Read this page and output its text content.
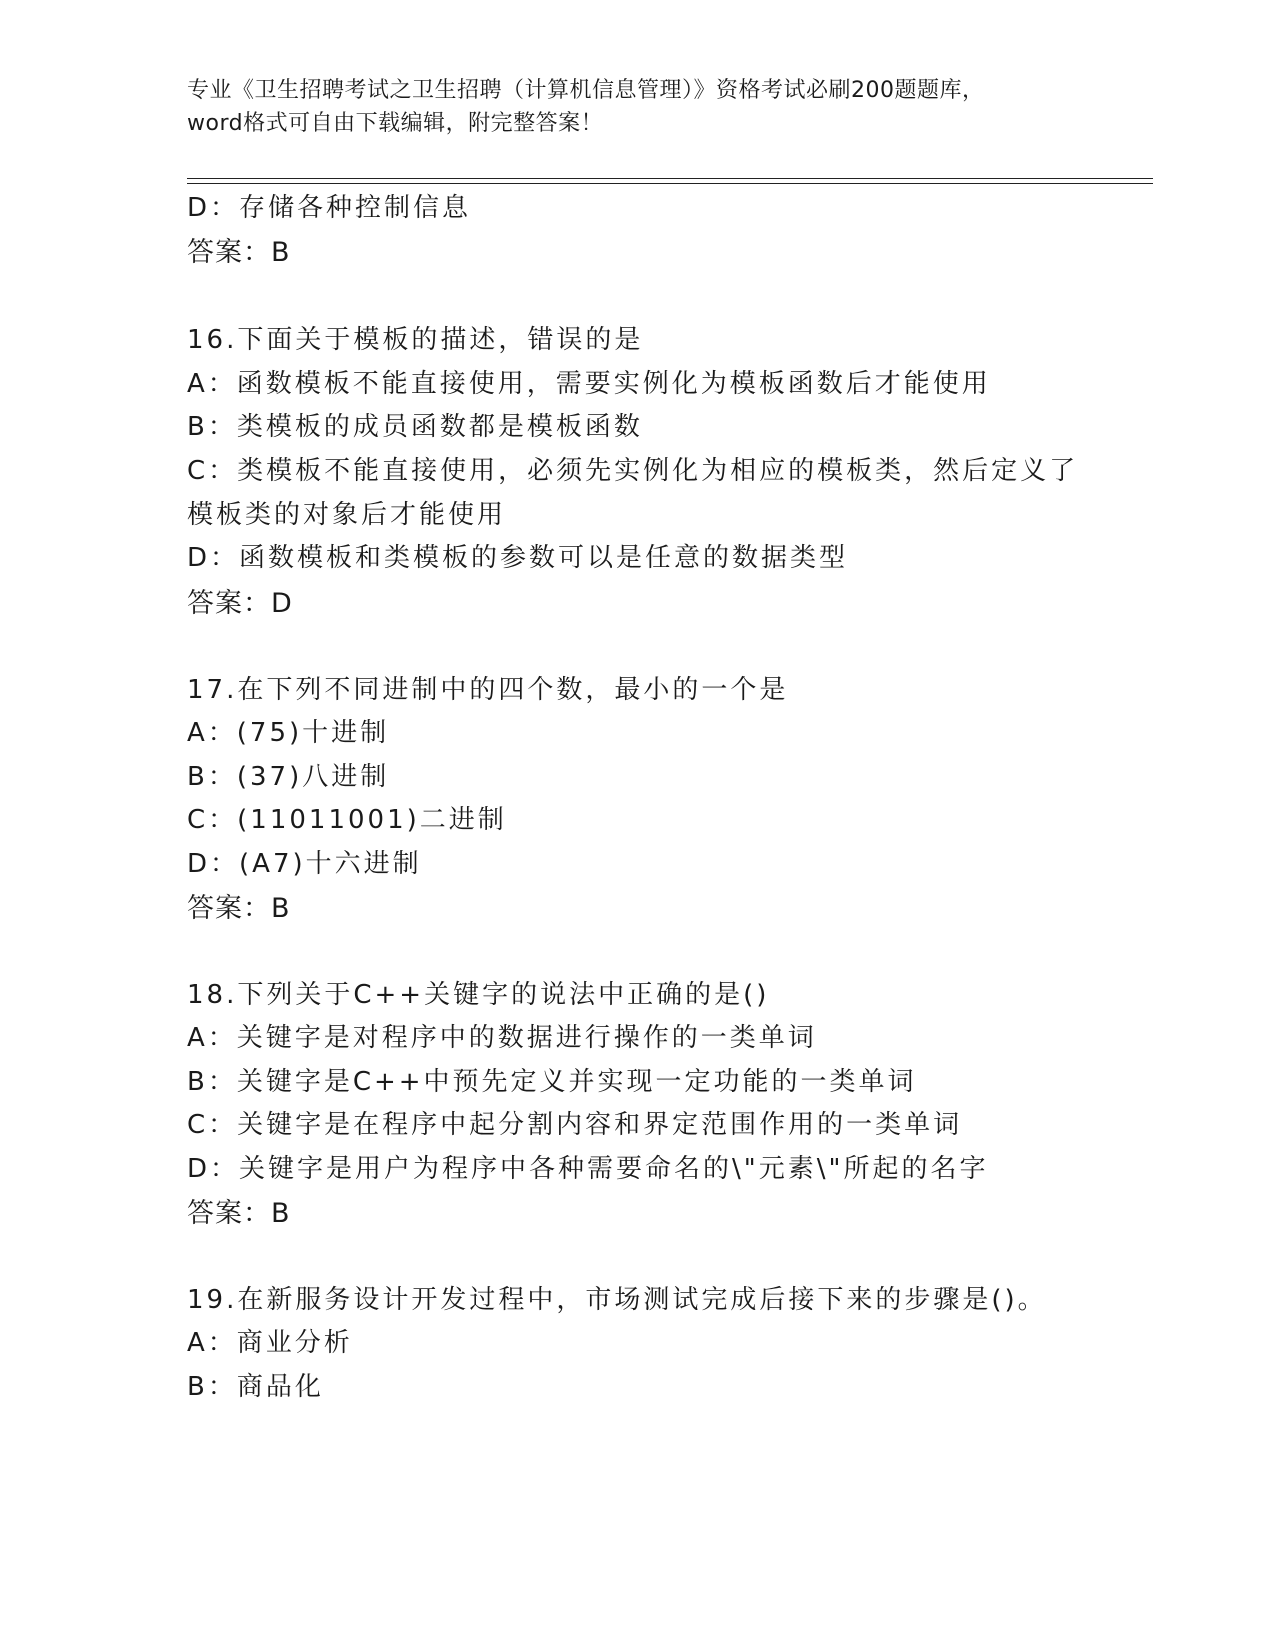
专业《卫生招聘考试之卫生招聘（计算机信息管理）》资格考试必刷200题题库，
word格式可自由下载编辑，附完整答案！
D：存储各种控制信息
答案：B
16.下面关于模板的描述，错误的是
A：函数模板不能直接使用，需要实例化为模板函数后才能使用
B：类模板的成员函数都是模板函数
C：类模板不能直接使用，必须先实例化为相应的模板类，然后定义了
模板类的对象后才能使用
D：函数模板和类模板的参数可以是任意的数据类型
答案：D
17.在下列不同进制中的四个数，最小的一个是
A：(75)十进制
B：(37)八进制
C：(11011001)二进制
D：(A7)十六进制
答案：B
18.下列关于C++关键字的说法中正确的是()
A：关键字是对程序中的数据进行操作的一类单词
B：关键字是C++中预先定义并实现一定功能的一类单词
C：关键字是在程序中起分割内容和界定范围作用的一类单词
D：关键字是用户为程序中各种需要命名的\"元素\"所起的名字
答案：B
19.在新服务设计开发过程中，市场测试完成后接下来的步骤是()。
A：商业分析
B：商品化
